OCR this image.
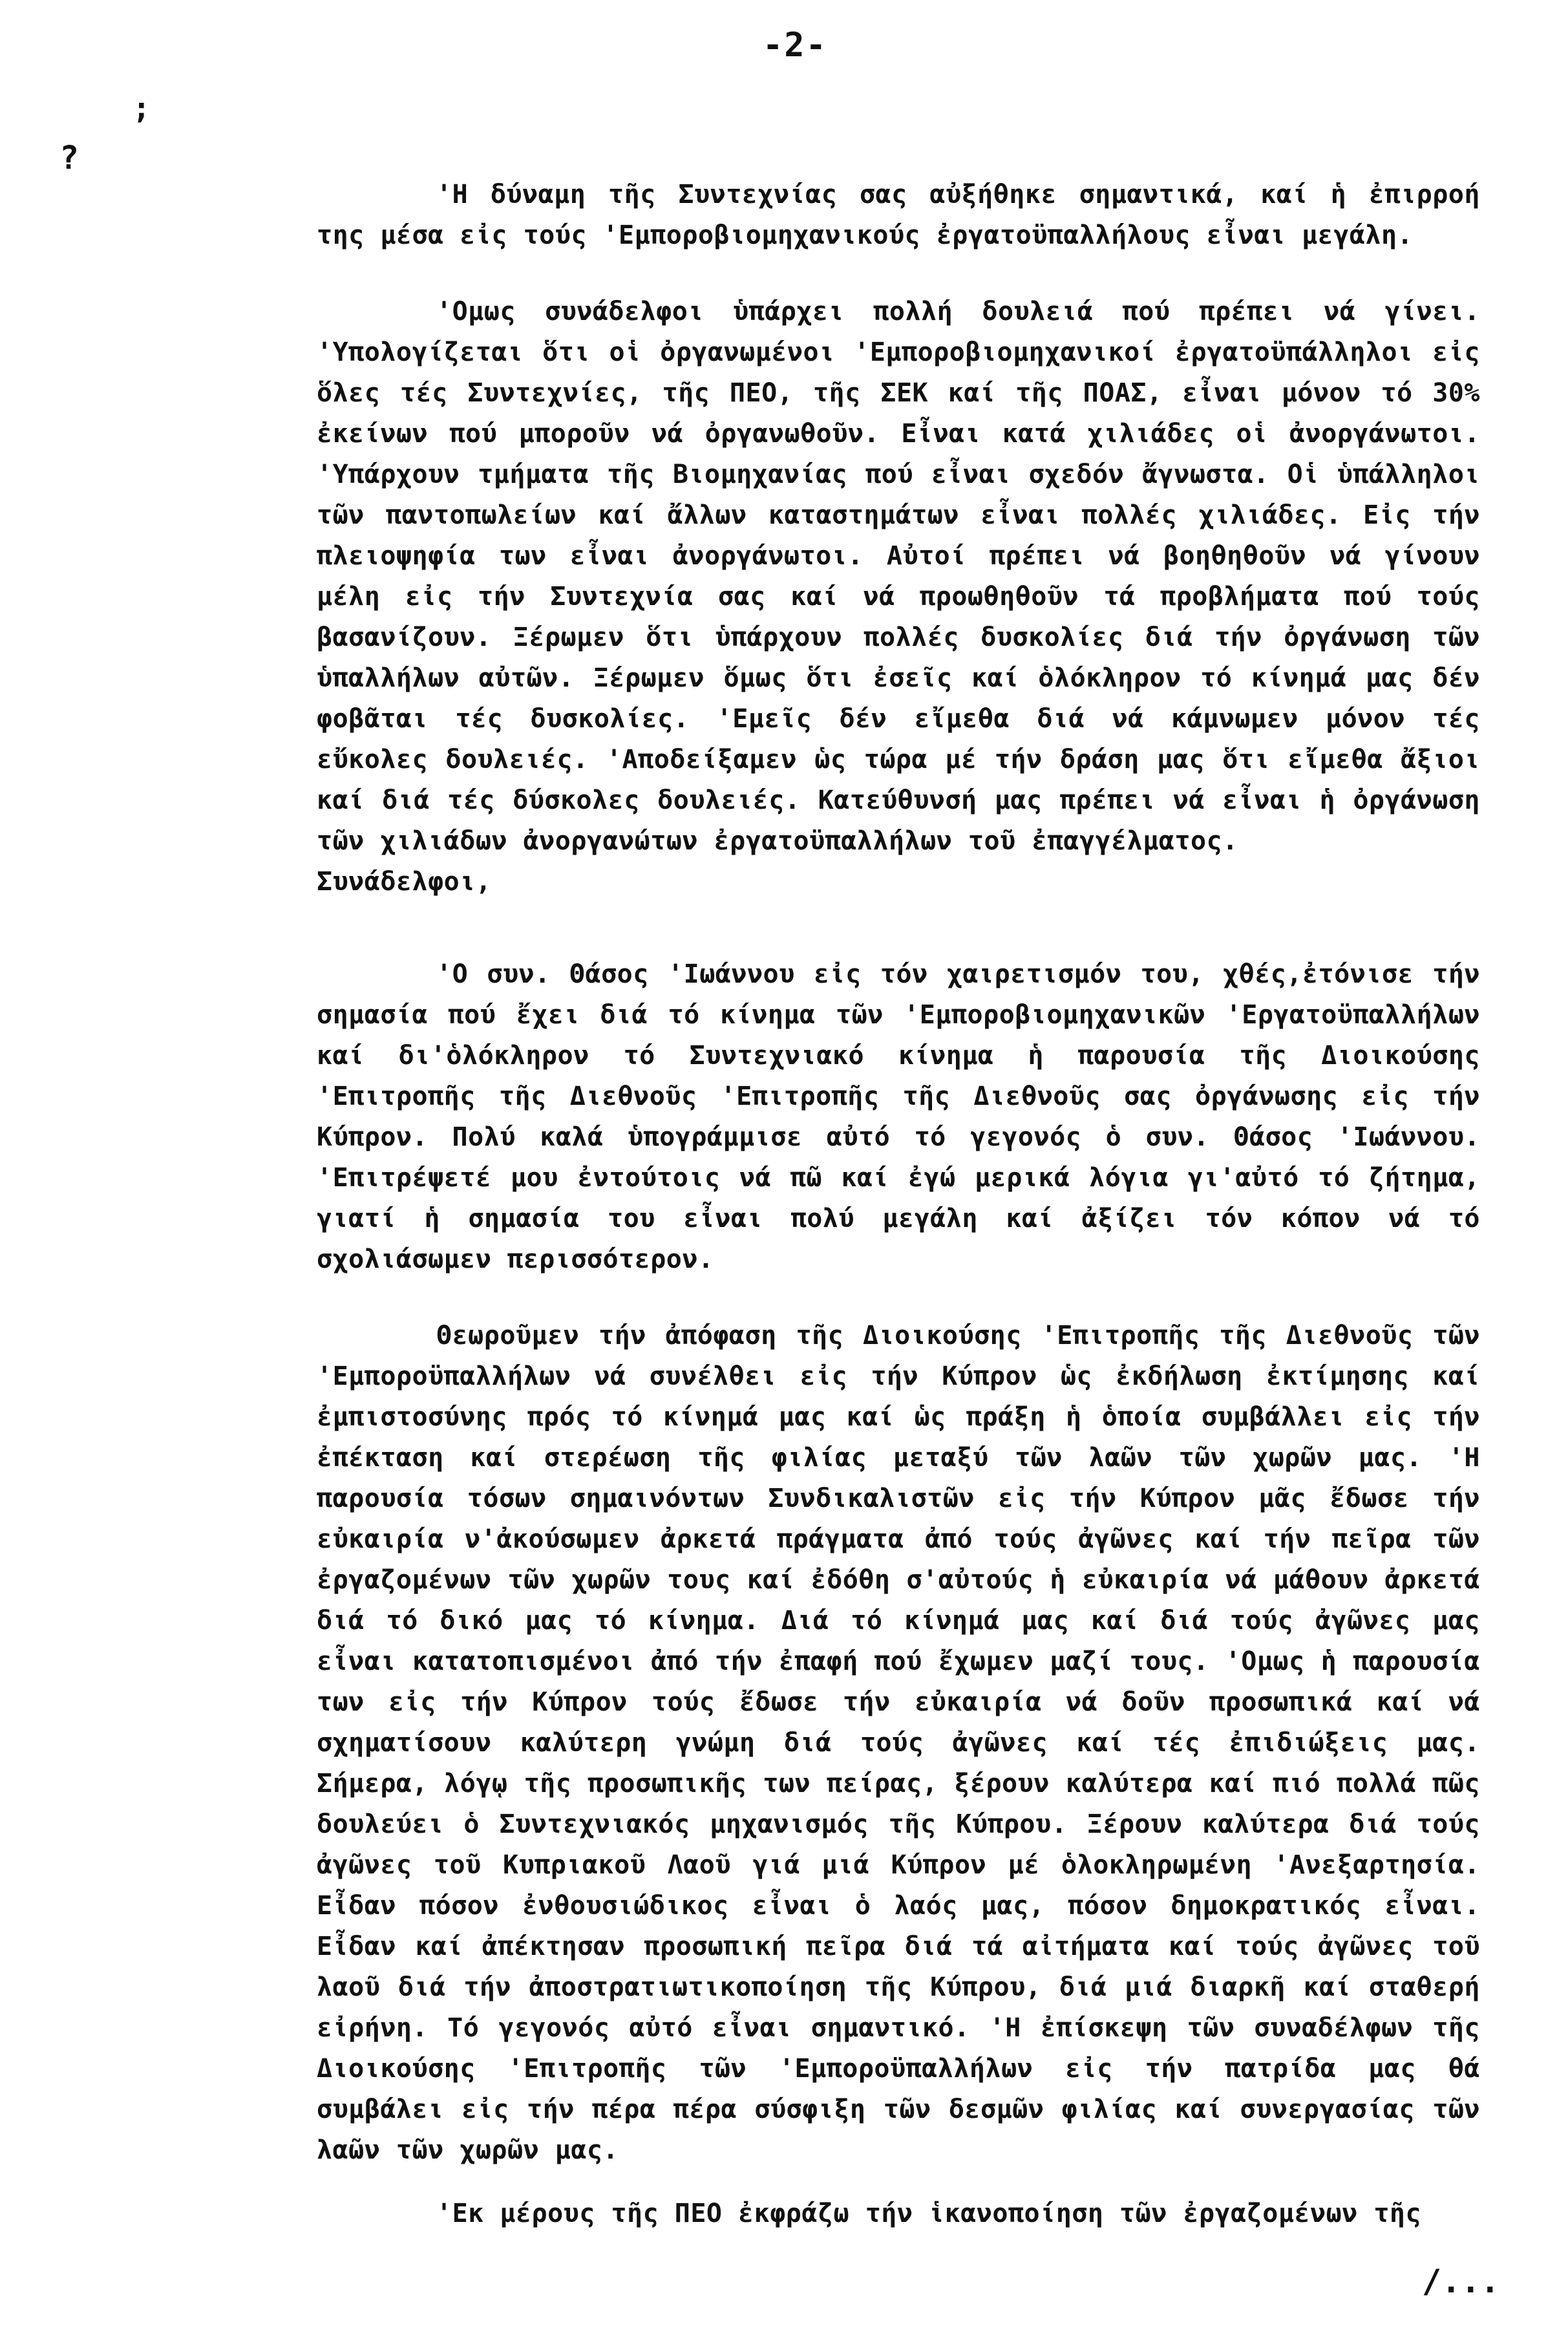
-2-
;
?

'Η δύναμη τῆς Συντεχνίας σας αὐξήθηκε σημαντικά, καί ἡ ἐπιρροή της μέσα εἰς τούς 'Εμποροβιομηχανικούς ἐργατοϋπαλλήλους εἶναι μεγάλη.

'Ομως συνάδελφοι ὑπάρχει πολλή δουλειά πού πρέπει νά γίνει. 'Υπολογίζεται ὅτι οἱ ὀργανωμένοι 'Εμποροβιομηχανικοί ἐργατοϋπάλληλοι εἰς ὅλες τές Συντεχνίες, τῆς ΠΕΟ, τῆς ΣΕΚ καί τῆς ΠΟΑΣ, εἶναι μόνον τό 30% ἐκείνων πού μποροῦν νά ὀργανωθοῦν. Εἶναι κατά χιλιάδες οἱ ἀνοργάνωτοι. 'Υπάρχουν τμήματα τῆς Βιομηχανίας πού εἶναι σχεδόν ἄγνωστα. Οἱ ὑπάλληλοι τῶν παντοπωλείων καί ἄλλων καταστημάτων εἶναι πολλές χιλιάδες. Εἰς τήν πλειοψηφία των εἶναι ἀνοργάνωτοι. Αὐτοί πρέπει νά βοηθηθοῦν νά γίνουν μέλη εἰς τήν Συντεχνία σας καί νά προωθηθοῦν τά προβλήματα πού τούς βασανίζουν. Ξέρωμεν ὅτι ὑπάρχουν πολλές δυσκολίες διά τήν ὀργάνωση τῶν ὑπαλλήλων αὐτῶν. Ξέρωμεν ὅμως ὅτι ἐσεῖς καί ὁλόκληρον τό κίνημά μας δέν φοβᾶται τές δυσκολίες. 'Εμεῖς δέν εἴμεθα διά νά κάμνωμεν μόνον τές εὔκολες δουλειές. 'Αποδείξαμεν ὡς τώρα μέ τήν δράση μας ὅτι εἴμεθα ἄξιοι καί διά τές δύσκολες δουλειές. Κατεύθυνσή μας πρέπει νά εἶναι ἡ ὀργάνωση τῶν χιλιάδων ἀνοργανώτων ἐργατοϋπαλλήλων τοῦ ἐπαγγέλματος.

Συνάδελφοι,

'Ο συν. Θάσος 'Ιωάννου εἰς τόν χαιρετισμόν του, χθές,ἐτόνισε τήν σημασία πού ἔχει διά τό κίνημα τῶν 'Εμποροβιομηχανικῶν 'Εργατοϋπαλλήλων καί δι'ὁλόκληρον τό Συντεχνιακό κίνημα ἡ παρουσία τῆς Διοικούσης 'Επιτροπῆς τῆς Διεθνοῦς 'Επιτροπῆς τῆς Διεθνοῦς σας ὀργάνωσης εἰς τήν Κύπρον. Πολύ καλά ὑπογράμμισε αὐτό τό γεγονός ὁ συν. Θάσος 'Ιωάννου. 'Επιτρέψετέ μου ἐντούτοις νά πῶ καί ἐγώ μερικά λόγια γι'αὐτό τό ζήτημα, γιατί ἡ σημασία του εἶναι πολύ μεγάλη καί ἀξίζει τόν κόπον νά τό σχολιάσωμεν περισσότερον.

Θεωροῦμεν τήν ἀπόφαση τῆς Διοικούσης 'Επιτροπῆς τῆς Διεθνοῦς τῶν 'Εμποροϋπαλλήλων νά συνέλθει εἰς τήν Κύπρον ὡς ἐκδήλωση ἐκτίμησης καί ἐμπιστοσύνης πρός τό κίνημά μας καί ὡς πράξη ἡ ὁποία συμβάλλει εἰς τήν ἐπέκταση καί στερέωση τῆς φιλίας μεταξύ τῶν λαῶν τῶν χωρῶν μας. 'Η παρουσία τόσων σημαινόντων Συνδικαλιστῶν εἰς τήν Κύπρον μᾶς ἔδωσε τήν εὐκαιρία ν'ἀκούσωμεν ἀρκετά πράγματα ἀπό τούς ἀγῶνες καί τήν πεῖρα τῶν ἐργαζομένων τῶν χωρῶν τους καί ἐδόθη σ'αὐτούς ἡ εὐκαιρία νά μάθουν ἀρκετά διά τό δικό μας τό κίνημα. Διά τό κίνημά μας καί διά τούς ἀγῶνες μας εἶναι κατατοπισμένοι ἀπό τήν ἐπαφή πού ἔχωμεν μαζί τους. 'Ομως ἡ παρουσία των εἰς τήν Κύπρον τούς ἔδωσε τήν εὐκαιρία νά δοῦν προσωπικά καί νά σχηματίσουν καλύτερη γνώμη διά τούς ἀγῶνες καί τές ἐπιδιώξεις μας. Σήμερα, λόγῳ τῆς προσωπικῆς των πείρας, ξέρουν καλύτερα καί πιό πολλά πῶς δουλεύει ὁ Συντεχνιακός μηχανισμός τῆς Κύπρου. Ξέρουν καλύτερα διά τούς ἀγῶνες τοῦ Κυπριακοῦ Λαοῦ γιά μιά Κύπρον μέ ὁλοκληρωμένη 'Ανεξαρτησία. Εἶδαν πόσον ἐνθουσιώδικος εἶναι ὁ λαός μας, πόσον δημοκρατικός εἶναι. Εἶδαν καί ἀπέκτησαν προσωπική πεῖρα διά τά αἰτήματα καί τούς ἀγῶνες τοῦ λαοῦ διά τήν ἀποστρατιωτικοποίηση τῆς Κύπρου, διά μιά διαρκῆ καί σταθερή εἰρήνη. Τό γεγονός αὐτό εἶναι σημαντικό. 'Η ἐπίσκεψη τῶν συναδέλφων τῆς Διοικούσης 'Επιτροπῆς τῶν 'Εμποροϋπαλλήλων εἰς τήν πατρίδα μας θά συμβάλει εἰς τήν πέρα πέρα σύσφιξη τῶν δεσμῶν φιλίας καί συνεργασίας τῶν λαῶν τῶν χωρῶν μας.

'Εκ μέρους τῆς ΠΕΟ ἐκφράζω τήν ἱκανοποίηση τῶν ἐργαζομένων τῆς

/...
